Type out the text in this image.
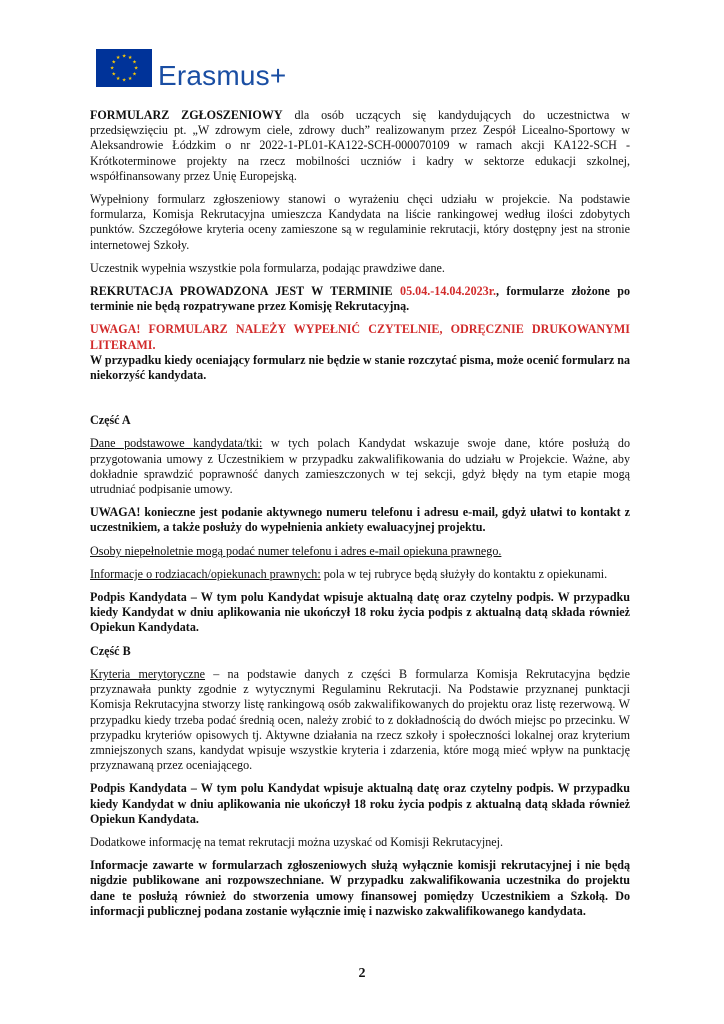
★ ★
★
★
★
★
★
★
★
★
★
★
Erasmus+

FORMULARZ ZGŁOSZENIOWY dla osób uczących się kandydujących do uczestnictwa w przedsięwzięciu pt. „W zdrowym ciele, zdrowy duch” realizowanym przez Zespół Licealno-Sportowy w Aleksandrowie Łódzkim o nr 2022-1-PL01-KA122-SCH-000070109 w ramach akcji KA122-SCH - Krótkoterminowe projekty na rzecz mobilności uczniów i kadry w sektorze edukacji szkolnej, współfinansowany przez Unię Europejską.

Wypełniony formularz zgłoszeniowy stanowi o wyrażeniu chęci udziału w projekcie. Na podstawie formularza, Komisja Rekrutacyjna umieszcza Kandydata na liście rankingowej według ilości zdobytych punktów. Szczegółowe kryteria oceny zamieszone są w regulaminie rekrutacji, który dostępny jest na stronie internetowej Szkoły.

Uczestnik wypełnia wszystkie pola formularza, podając prawdziwe dane.

REKRUTACJA PROWADZONA JEST W TERMINIE 05.04.-14.04.2023r., formularze złożone po terminie nie będą rozpatrywane przez Komisję Rekrutacyjną.

UWAGA! FORMULARZ NALEŻY WYPEŁNIĆ CZYTELNIE, ODRĘCZNIE DRUKOWANYMI LITERAMI.

W przypadku kiedy oceniający formularz nie będzie w stanie rozczytać pisma, może ocenić formularz na niekorzyść kandydata.

Część A

Dane podstawowe kandydata/tki: w tych polach Kandydat wskazuje swoje dane, które posłużą do przygotowania umowy z Uczestnikiem w przypadku zakwalifikowania do udziału w Projekcie. Ważne, aby dokładnie sprawdzić poprawność danych zamieszczonych w tej sekcji, gdyż błędy na tym etapie mogą utrudniać podpisanie umowy.

UWAGA! konieczne jest podanie aktywnego numeru telefonu i adresu e-mail, gdyż ułatwi to kontakt z uczestnikiem, a także posłuży do wypełnienia ankiety ewaluacyjnej projektu.

Osoby niepełnoletnie mogą podać numer telefonu i adres e-mail opiekuna prawnego.

Informacje o rodziacach/opiekunach prawnych: pola w tej rubryce będą służyły do kontaktu z opiekunami.

Podpis Kandydata – W tym polu Kandydat wpisuje aktualną datę oraz czytelny podpis. W przypadku kiedy Kandydat w dniu aplikowania nie ukończył 18 roku życia podpis z aktualną datą składa również Opiekun Kandydata.

Część B

Kryteria merytoryczne – na podstawie danych z części B formularza Komisja Rekrutacyjna będzie przyznawała punkty zgodnie z wytycznymi Regulaminu Rekrutacji. Na Podstawie przyznanej punktacji Komisja Rekrutacyjna stworzy listę rankingową osób zakwalifikowanych do projektu oraz listę rezerwową. W przypadku kiedy trzeba podać średnią ocen, należy zrobić to z dokładnością do dwóch miejsc po przecinku. W przypadku kryteriów opisowych tj. Aktywne działania na rzecz szkoły i społeczności lokalnej oraz kryterium zmniejszonych szans, kandydat wpisuje wszystkie kryteria i zdarzenia, które mogą mieć wpływ na punktację przyznawaną przez oceniającego.

Podpis Kandydata – W tym polu Kandydat wpisuje aktualną datę oraz czytelny podpis. W przypadku kiedy Kandydat w dniu aplikowania nie ukończył 18 roku życia podpis z aktualną datą składa również Opiekun Kandydata.

Dodatkowe informację na temat rekrutacji można uzyskać od Komisji Rekrutacyjnej.

Informacje zawarte w formularzach zgłoszeniowych służą wyłącznie komisji rekrutacyjnej i nie będą nigdzie publikowane ani rozpowszechniane. W przypadku zakwalifikowania uczestnika do projektu dane te posłużą również do stworzenia umowy finansowej pomiędzy Uczestnikiem a Szkołą. Do informacji publicznej podana zostanie wyłącznie imię i nazwisko zakwalifikowanego kandydata.

2
